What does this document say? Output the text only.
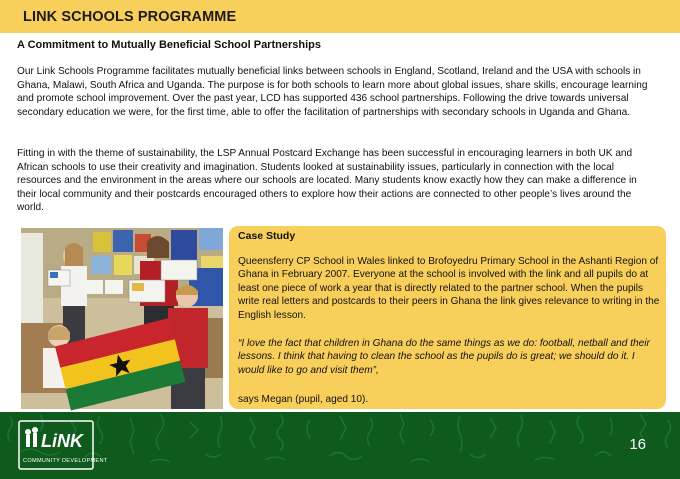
LINK SCHOOLS PROGRAMME
A Commitment to Mutually Beneficial School Partnerships

Our Link Schools Programme facilitates mutually beneficial links between schools in England, Scotland, Ireland and the USA with schools in Ghana, Malawi, South Africa and Uganda. The purpose is for both schools to learn more about global issues, share skills, encourage learning and promote school improvement. Over the past year, LCD has supported 436 school partnerships. Following the drive towards universal secondary education we were, for the first time, able to offer the facilitation of partnerships with secondary schools in Uganda and Ghana.

Fitting in with the theme of sustainability, the LSP Annual Postcard Exchange has been successful in encouraging learners in both UK and African schools to use their creativity and imagination. Students looked at sustainability issues, particularly in connection with the local resources and the environment in the areas where our schools are located. Many students know exactly how they can make a difference in their local community and their postcards encouraged others to explore how their actions are connected to other people’s lives around the world.

Case Study

Queensferry CP School in Wales linked to Brofoyedru Primary School in the Ashanti Region of Ghana in February 2007. Everyone at the school is involved with the link and all pupils do at least one piece of work a year that is directly related to the partner school. When the pupils write real letters and postcards to their peers in Ghana the link gives relevance to writing in the English lesson.

“I love the fact that children in Ghana do the same things as we do: football, netball and their lessons. I think that having to clean the school as the pupils do is great; we should do it. I would like to go and visit them”,

says Megan (pupil, aged 10).
LiNK
COMMUNITY DEVELOPMENT
16
